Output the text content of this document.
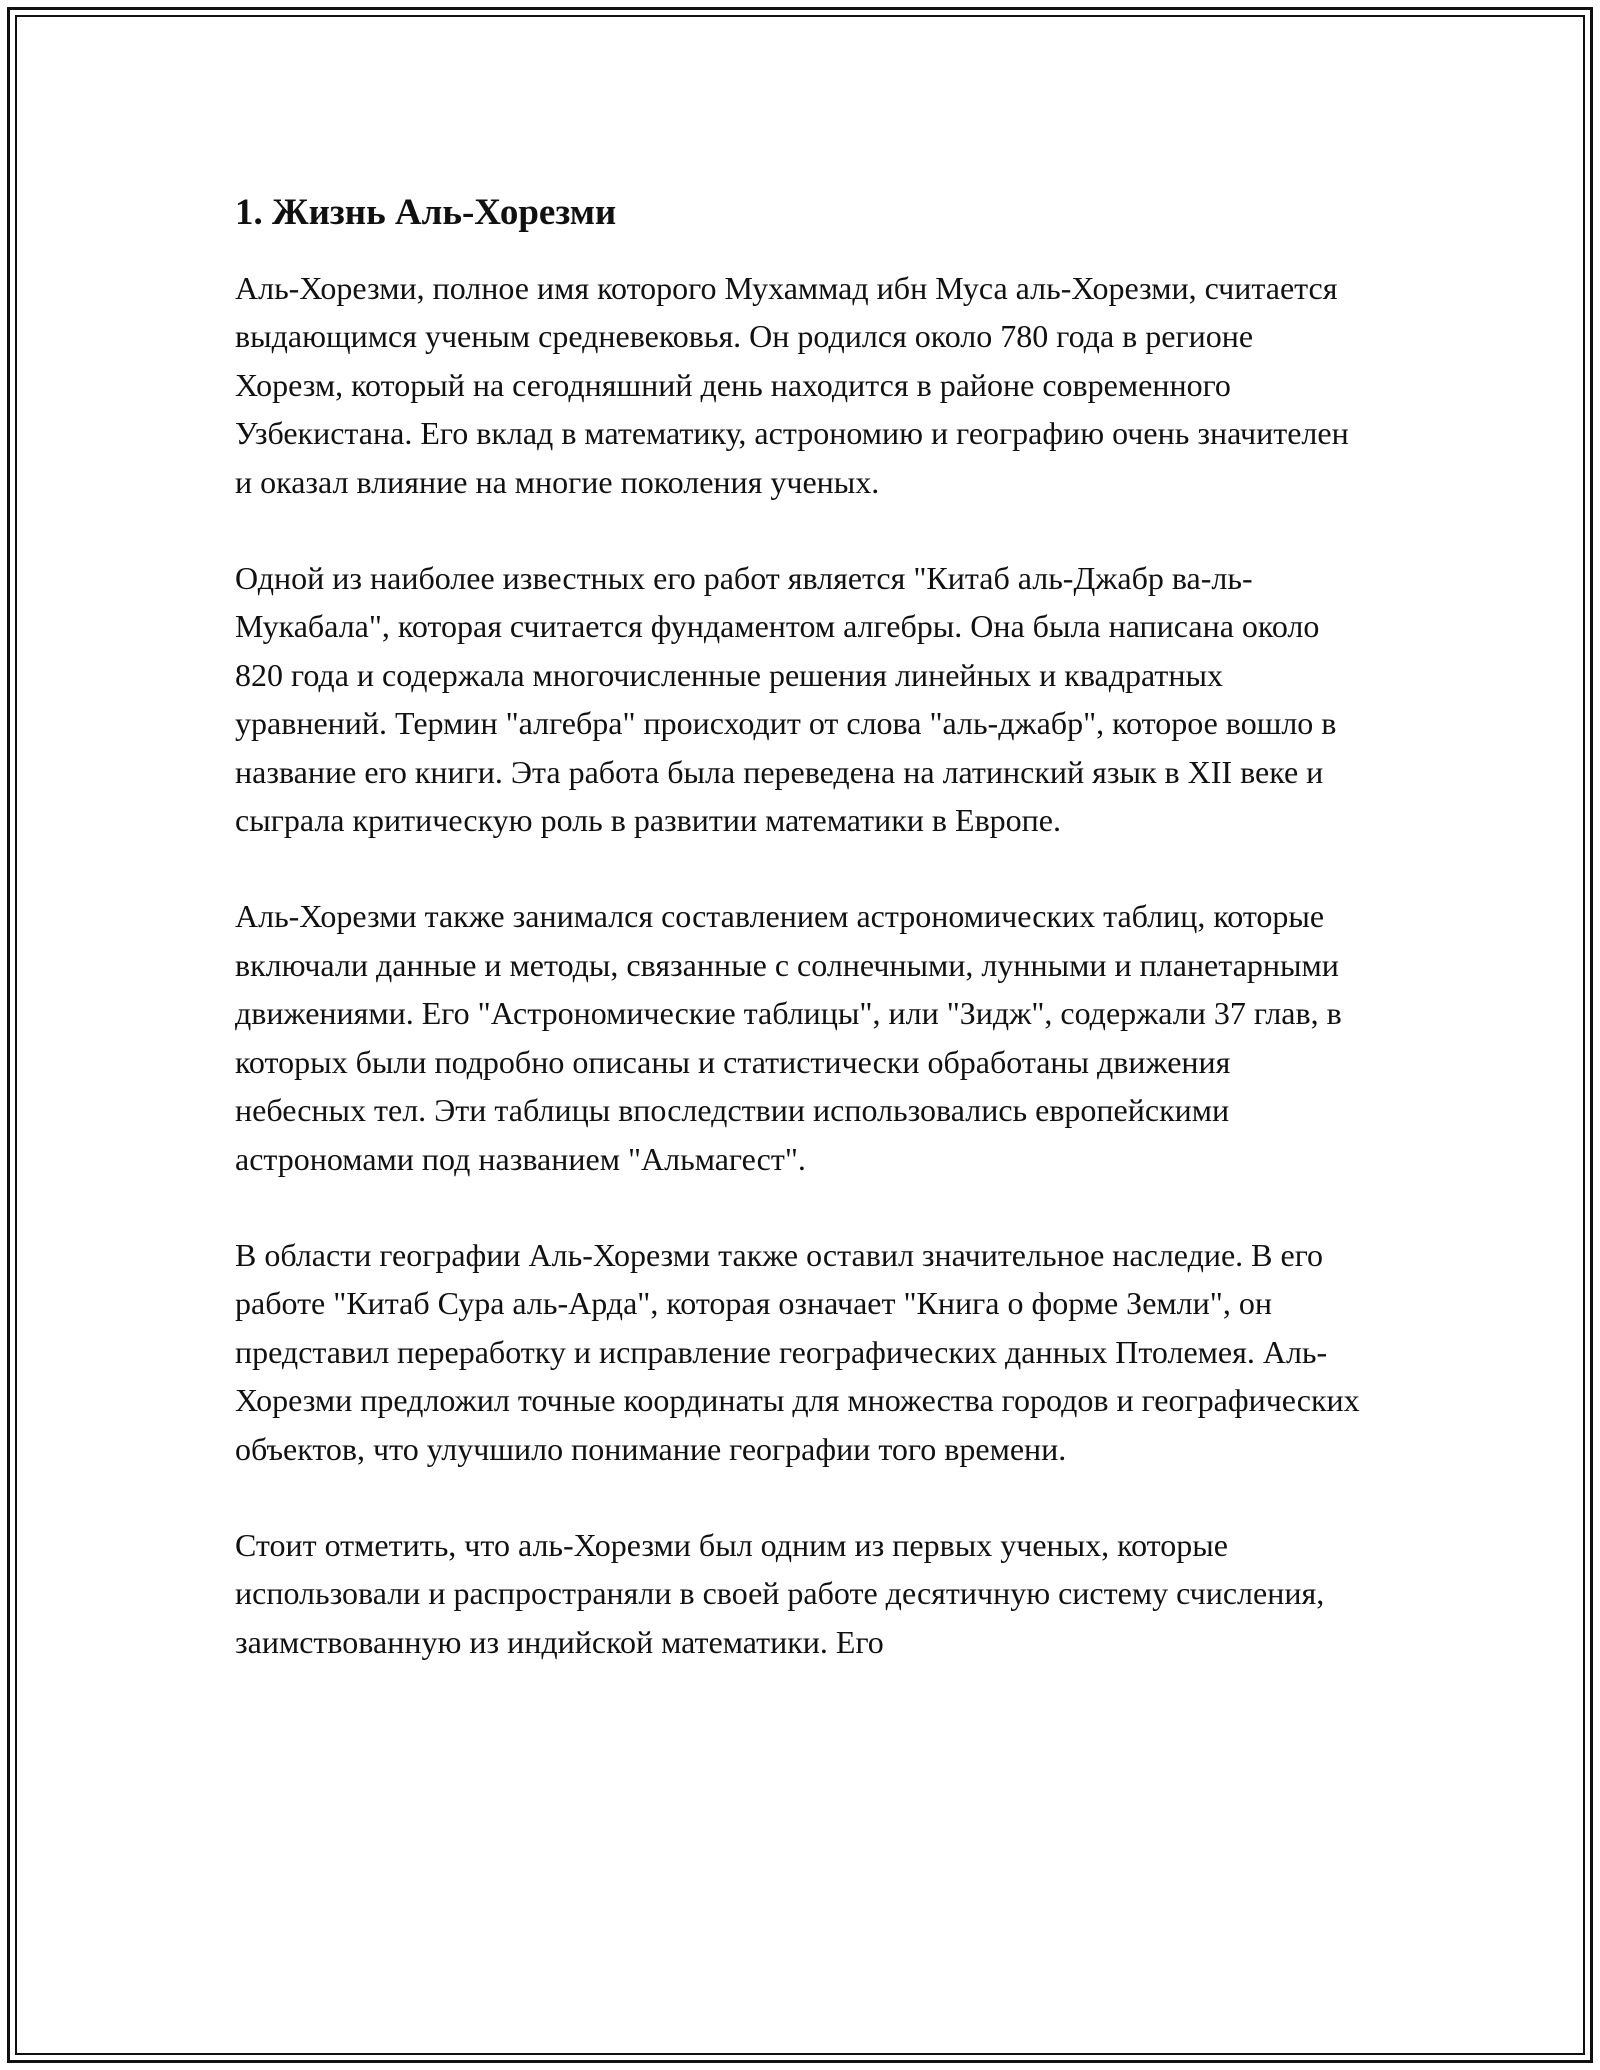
1. Жизнь Аль-Хорезми

Аль-Хорезми, полное имя которого Мухаммад ибн Муса аль-Хорезми, считается выдающимся ученым средневековья. Он родился около 780 года в регионе Хорезм, который на сегодняшний день находится в районе современного Узбекистана. Его вклад в математику, астрономию и географию очень значителен и оказал влияние на многие поколения ученых.

Одной из наиболее известных его работ является "Китаб аль-Джабр ва-ль-Мукабала", которая считается фундаментом алгебры. Она была написана около 820 года и содержала многочисленные решения линейных и квадратных уравнений. Термин "алгебра" происходит от слова "аль-джабр", которое вошло в название его книги. Эта работа была переведена на латинский язык в XII веке и сыграла критическую роль в развитии математики в Европе.

Аль-Хорезми также занимался составлением астрономических таблиц, которые включали данные и методы, связанные с солнечными, лунными и планетарными движениями. Его "Астрономические таблицы", или "Зидж", содержали 37 глав, в которых были подробно описаны и статистически обработаны движения небесных тел. Эти таблицы впоследствии использовались европейскими астрономами под названием "Альмагест".

В области географии Аль-Хорезми также оставил значительное наследие. В его работе "Китаб Сура аль-Арда", которая означает "Книга о форме Земли", он представил переработку и исправление географических данных Птолемея. Аль-Хорезми предложил точные координаты для множества городов и географических объектов, что улучшило понимание географии того времени.

Стоит отметить, что аль-Хорезми был одним из первых ученых, которые использовали и распространяли в своей работе десятичную систему счисления, заимствованную из индийской математики. Его
